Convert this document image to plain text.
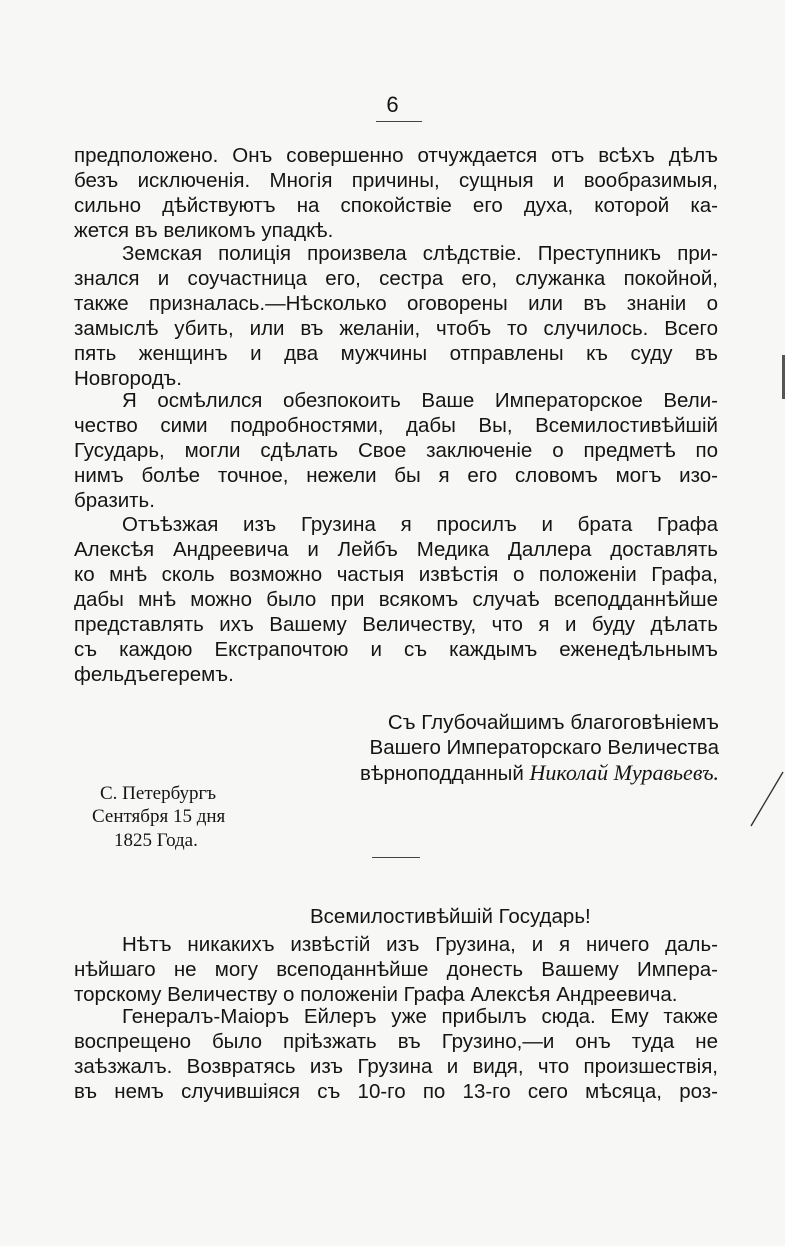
6
предположено. Онъ совершенно отчуждается отъ всѣхъ дѣлъ
безъ исключенія. Многія причины, сущныя и вообразимыя,
сильно дѣйствуютъ на спокойствіе его духа, которой ка-
жется въ великомъ упадкѣ.
Земская полиція произвела слѣдствіе. Преступникъ при-
знался и соучастница его, сестра его, служанка покойной,
также призналась.—Нѣсколько оговорены или въ знаніи о
замыслѣ убить, или въ желаніи, чтобъ то случилось. Всего
пять женщинъ и два мужчины отправлены къ суду въ
Новгородъ.
Я осмѣлился обезпокоить Ваше Императорское Вели-
чество сими подробностями, дабы Вы, Всемилостивѣйшій
Гусударь, могли сдѣлать Свое заключеніе о предметѣ по
нимъ болѣе точное, нежели бы я его словомъ могъ изо-
бразить.
Отъѣзжая изъ Грузина я просилъ и брата Графа
Алексѣя Андреевича и Лейбъ Медика Даллера доставлять
ко мнѣ сколь возможно частыя извѣстія о положеніи Графа,
дабы мнѣ можно было при всякомъ случаѣ всеподданнѣйше
представлять ихъ Вашему Величеству, что я и буду дѣлать
съ каждою Екстрапочтою и съ каждымъ еженедѣльнымъ
фельдъегеремъ.
Съ Глубочайшимъ благоговѣніемъ
Вашего Императорскаго Величества
вѣрноподданный Николай Муравьевъ.
С. Петербургъ
Сентября 15 дня
1825 Года.
Всемилостивѣйшій Государь!
Нѣтъ никакихъ извѣстій изъ Грузина, и я ничего даль-
нѣйшаго не могу всеподаннѣйше донесть Вашему Импера-
торскому Величеству о положеніи Графа Алексѣя Андреевича.
Генералъ-Маіоръ Ейлеръ уже прибылъ сюда. Ему также
воспрещено было пріѣзжать въ Грузино,—и онъ туда не
заѣзжалъ. Возвратясь изъ Грузина и видя, что произшествія,
въ немъ случившіяся съ 10-го по 13-го сего мѣсяца, роз-
